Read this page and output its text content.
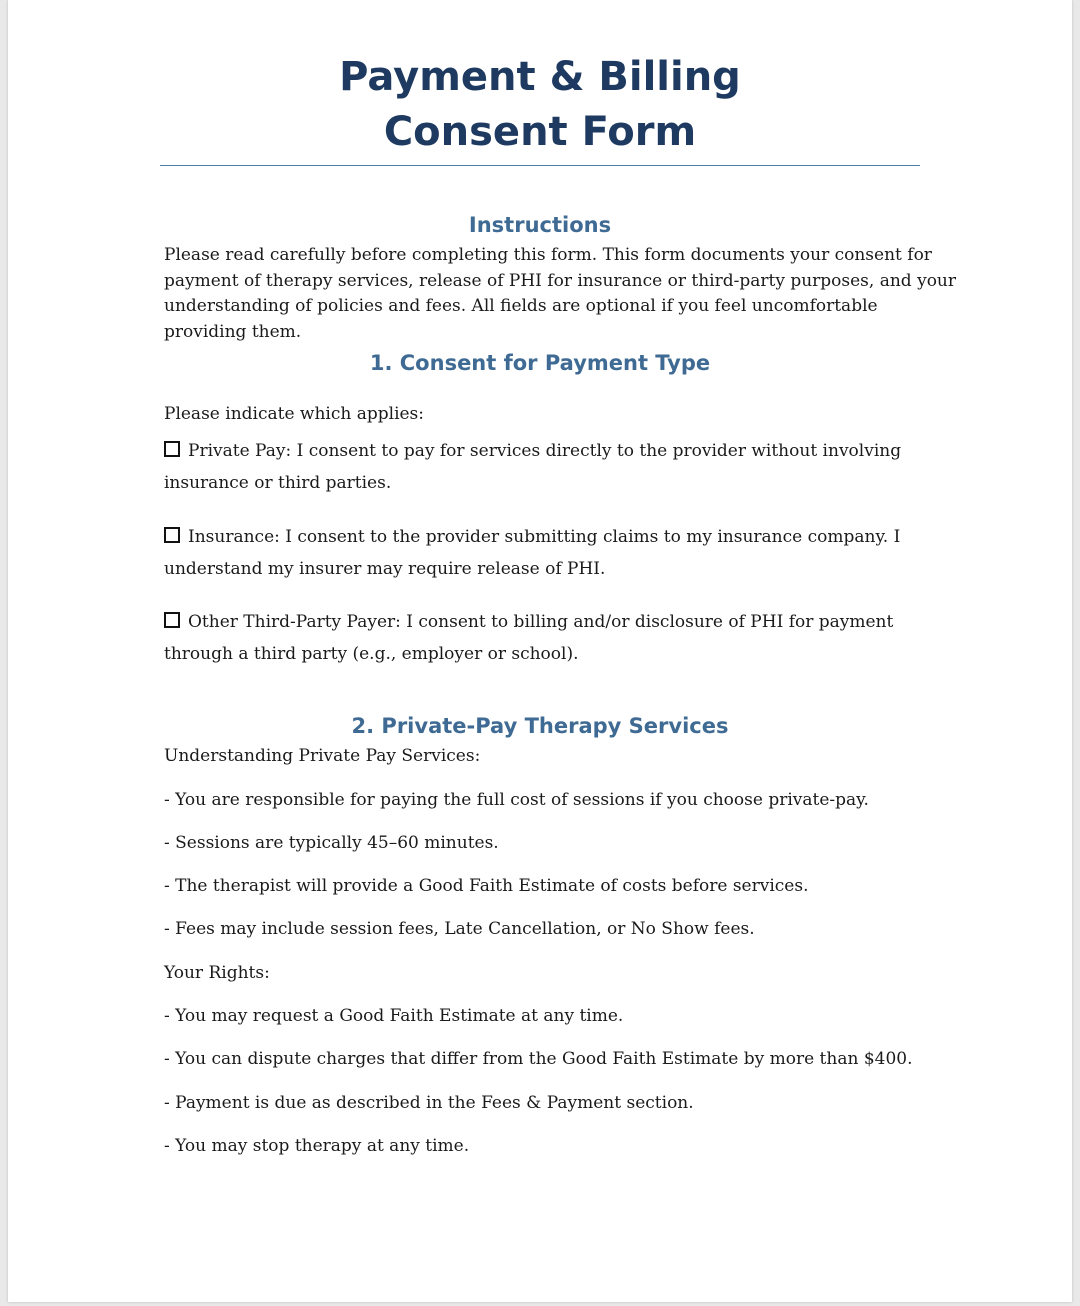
Payment & Billing
Consent Form
Instructions

Please read carefully before completing this form. This form documents your consent for
payment of therapy services, release of PHI for insurance or third-party purposes, and your
understanding of policies and fees. All fields are optional if you feel uncomfortable
providing them.

1. Consent for Payment Type

Please indicate which applies:

Private Pay: I consent to pay for services directly to the provider without involving
insurance or third parties.
Insurance: I consent to the provider submitting claims to my insurance company. I
understand my insurer may require release of PHI.
Other Third-Party Payer: I consent to billing and/or disclosure of PHI for payment
through a third party (e.g., employer or school).
2. Private-Pay Therapy Services

Understanding Private Pay Services:

- You are responsible for paying the full cost of sessions if you choose private-pay.

- Sessions are typically 45–60 minutes.

- The therapist will provide a Good Faith Estimate of costs before services.

- Fees may include session fees, Late Cancellation, or No Show fees.

Your Rights:

- You may request a Good Faith Estimate at any time.

- You can dispute charges that differ from the Good Faith Estimate by more than $400.

- Payment is due as described in the Fees & Payment section.

- You may stop therapy at any time.
